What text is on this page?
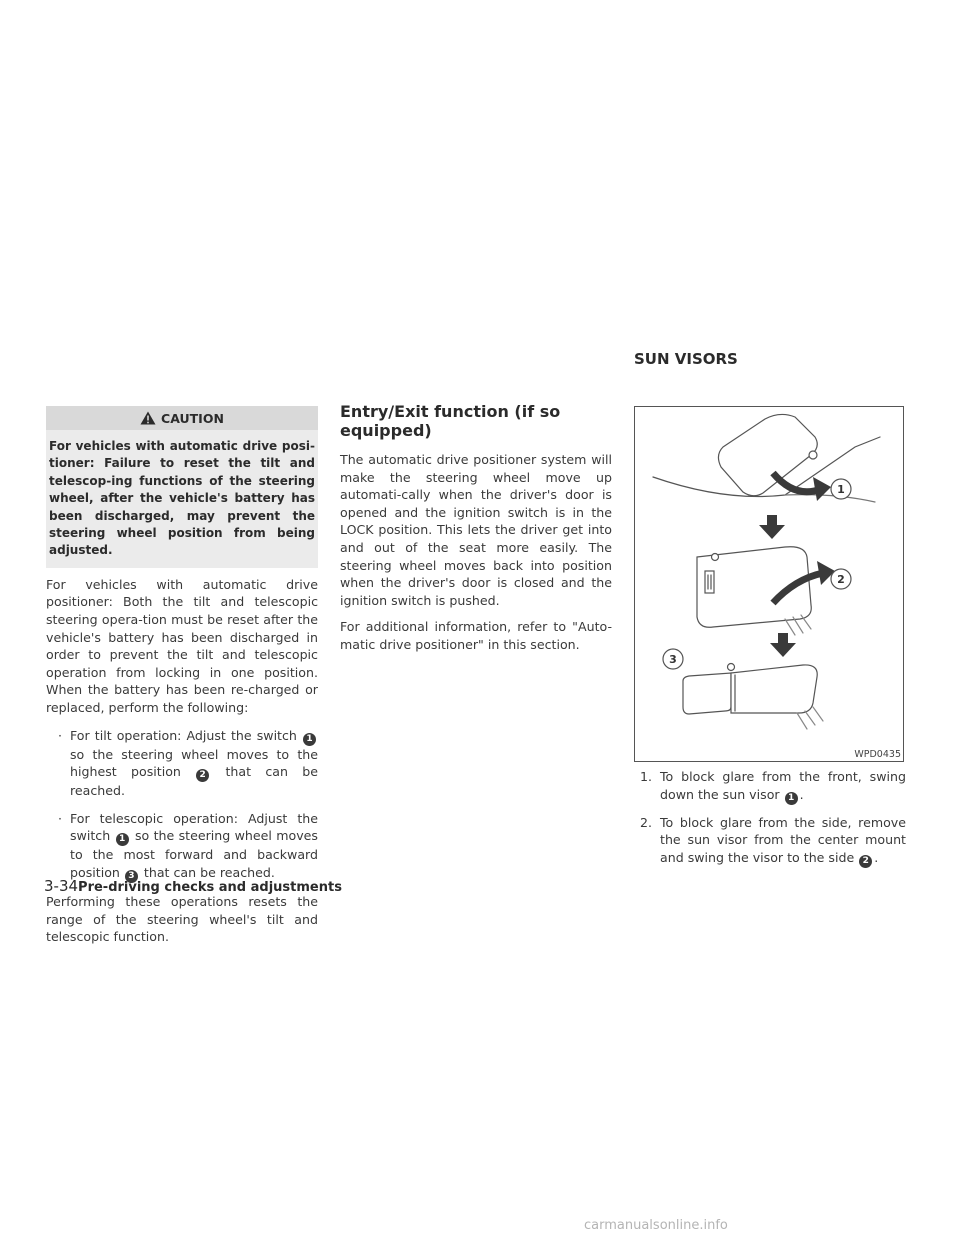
CAUTION
For vehicles with automatic drive posi-tioner: Failure to reset the tilt and telescop-ing functions of the steering wheel, after the vehicle's battery has been discharged, may prevent the steering wheel position from being adjusted.

For vehicles with automatic drive positioner: Both the tilt and telescopic steering opera-tion must be reset after the vehicle's battery has been discharged in order to prevent the tilt and telescopic operation from locking in one position. When the battery has been re-charged or replaced, perform the following:

· For tilt operation: Adjust the switch 1 so the steering wheel moves to the highest position 2 that can be reached.
· For telescopic operation: Adjust the switch 1 so the steering wheel moves to the most forward and backward position 3 that can be reached.

Performing these operations resets the range of the steering wheel's tilt and telescopic function.

Entry/Exit function (if so equipped)

The automatic drive positioner system will make the steering wheel move up automati-cally when the driver's door is opened and the ignition switch is in the LOCK position. This lets the driver get into and out of the seat more easily. The steering wheel moves back into position when the driver's door is closed and the ignition switch is pushed.

For additional information, refer to "Auto-matic drive positioner" in this section.

SUN VISORS
1
2
3
WPD0435
1. To block glare from the front, swing down the sun visor 1 .
2. To block glare from the side, remove the sun visor from the center mount and swing the visor to the side 2 .
3-34Pre-driving checks and adjustments
carmanualsonline.info
